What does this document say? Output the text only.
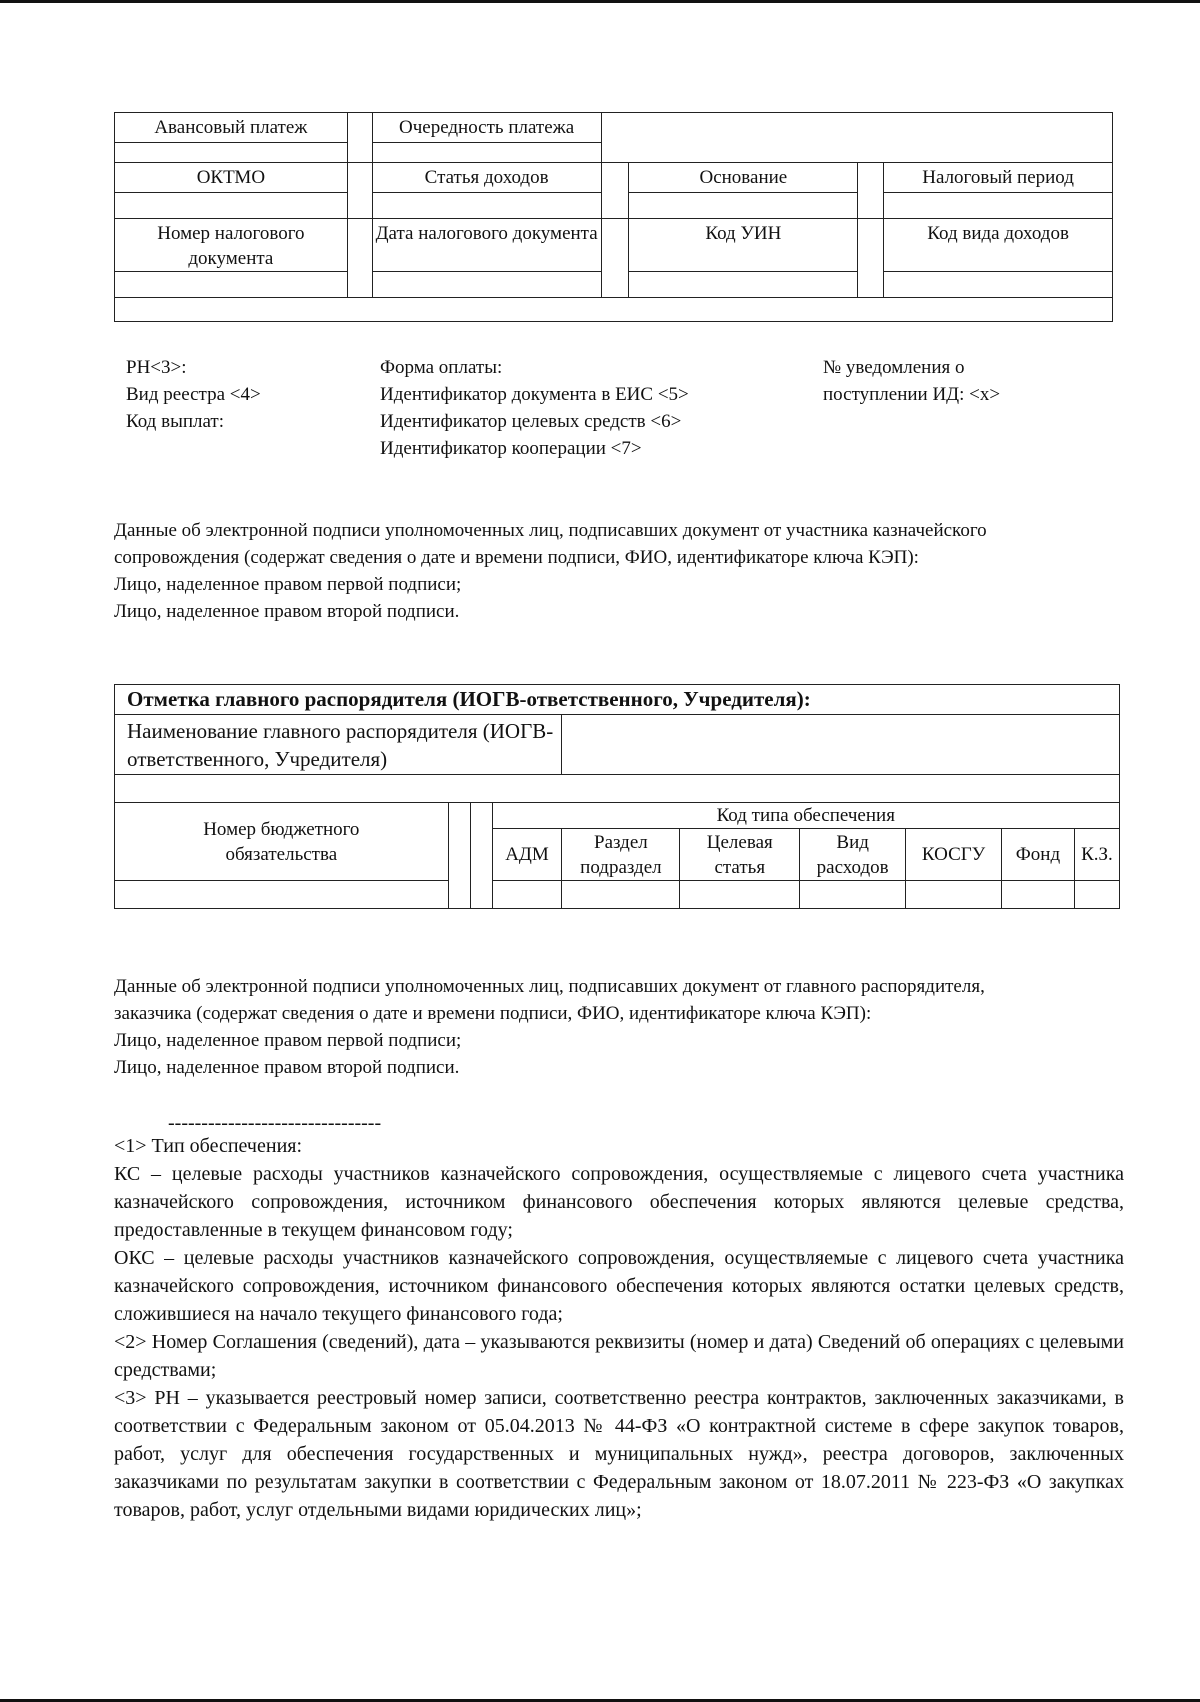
Авансовый платеж		Очередность платежа				

ОКТМО		Статья доходов		Основание		Налоговый период

Номер налогового документа		Дата налогового документа		Код УИН		Код вида доходов

РН<3>:
Вид реестра <4>
Код выплат:
Форма оплаты:
Идентификатор документа в ЕИС <5>
Идентификатор целевых средств <6>
Идентификатор кооперации <7>
№ уведомления о
поступлении ИД: <x>
Данные об электронной подписи уполномоченных лиц, подписавших документ от участника казначейского
сопровождения (содержат сведения о дате и времени подписи, ФИО, идентификаторе ключа КЭП):
Лицо, наделенное правом первой подписи;
Лицо, наделенное правом второй подписи.
Отметка главного распорядителя (ИОГВ-ответственного, Учредителя):									
Наименование главного распорядителя (ИОГВ-ответственного, Учредителя)									

Номер бюджетного обязательства			Код типа обеспечения						
			АДМ	Раздел подраздел	Целевая статья	Вид расходов	КОСГУ	Фонд	К.З.

Данные об электронной подписи уполномоченных лиц, подписавших документ от главного распорядителя,
заказчика (содержат сведения о дате и времени подписи, ФИО, идентификаторе ключа КЭП):
Лицо, наделенное правом первой подписи;
Лицо, наделенное правом второй подписи.
--------------------------------
<1> Тип обеспечения:
КС – целевые расходы участников казначейского сопровождения, осуществляемые с лицевого счета участника казначейского сопровождения, источником финансового обеспечения которых являются целевые средства, предоставленные в текущем финансовом году;
ОКС – целевые расходы участников казначейского сопровождения, осуществляемые с лицевого счета участника казначейского сопровождения, источником финансового обеспечения которых являются остатки целевых средств, сложившиеся на начало текущего финансового года;
<2> Номер Соглашения (сведений), дата – указываются реквизиты (номер и дата) Сведений об операциях с целевыми средствами;
<3> РН – указывается реестровый номер записи, соответственно реестра контрактов, заключенных заказчиками, в соответствии с Федеральным законом от 05.04.2013 № 44-ФЗ «О контрактной системе в сфере закупок товаров, работ, услуг для обеспечения государственных и муниципальных нужд», реестра договоров, заключенных заказчиками по результатам закупки в соответствии с Федеральным законом от 18.07.2011 № 223-ФЗ «О закупках товаров, работ, услуг отдельными видами юридических лиц»;
